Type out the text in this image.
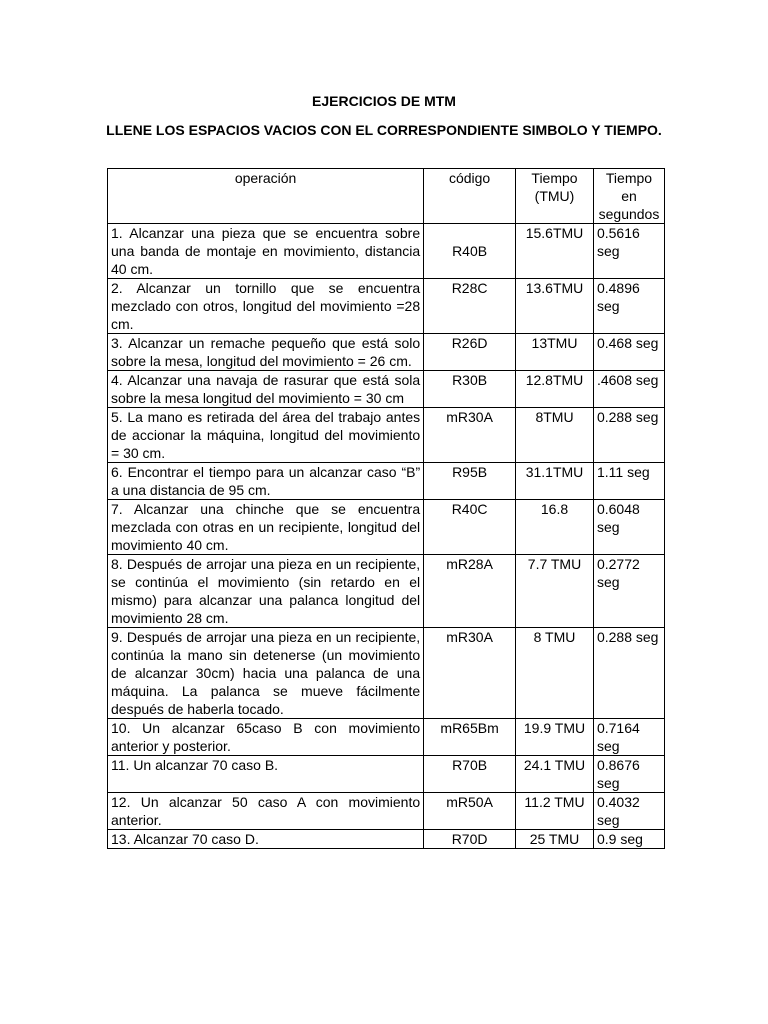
EJERCICIOS DE MTM
LLENE LOS ESPACIOS VACIOS CON EL CORRESPONDIENTE SIMBOLO Y TIEMPO.
operación	código	Tiempo (TMU)	Tiempo en segundos
1. Alcanzar una pieza que se encuentra sobre una banda de montaje en movimiento, distancia 40 cm.	R40B	15.6TMU	0.5616 seg
2. Alcanzar un tornillo que se encuentra mezclado con otros, longitud del movimiento =28 cm.	R28C	13.6TMU	0.4896 seg
3. Alcanzar un remache pequeño que está solo sobre la mesa, longitud del movimiento = 26 cm.	R26D	13TMU	0.468 seg
4. Alcanzar una navaja de rasurar que está sola sobre la mesa longitud del movimiento = 30 cm	R30B	12.8TMU	.4608 seg
5. La mano es retirada del área del trabajo antes de accionar la máquina, longitud del movimiento = 30 cm.	mR30A	8TMU	0.288 seg
6. Encontrar el tiempo para un alcanzar caso “B” a una distancia de 95 cm.	R95B	31.1TMU	1.11 seg
7. Alcanzar una chinche que se encuentra mezclada con otras en un recipiente, longitud del movimiento 40 cm.	R40C	16.8	0.6048 seg
8. Después de arrojar una pieza en un recipiente, se continúa el movimiento (sin retardo en el mismo) para alcanzar una palanca longitud del movimiento 28 cm.	mR28A	7.7 TMU	0.2772 seg
9. Después de arrojar una pieza en un recipiente, continúa la mano sin detenerse (un movimiento de alcanzar 30cm) hacia una palanca de una máquina. La palanca se mueve fácilmente después de haberla tocado.	mR30A	8 TMU	0.288 seg
10. Un alcanzar 65caso B con movimiento anterior y posterior.	mR65Bm	19.9 TMU	0.7164 seg
11. Un alcanzar 70 caso B.	R70B	24.1 TMU	0.8676 seg
12. Un alcanzar 50 caso A con movimiento anterior.	mR50A	11.2 TMU	0.4032 seg
13. Alcanzar 70 caso D.	R70D	25 TMU	0.9 seg
